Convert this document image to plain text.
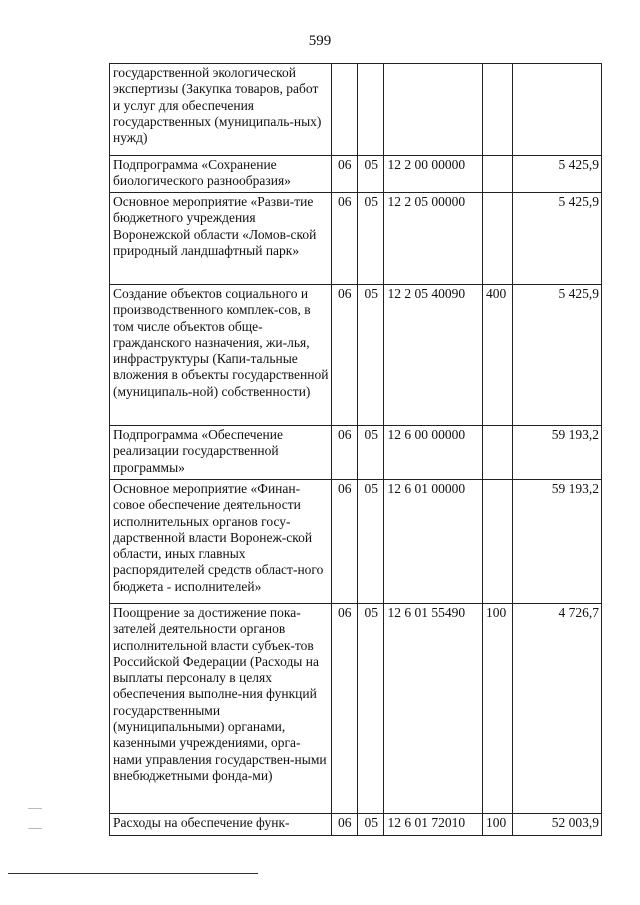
599
государственной экологической экспертизы (Закупка товаров, работ и услуг для обеспечения государственных (муниципаль-ных) нужд)					
Подпрограмма «Сохранение биологического разнообразия»	06	05	12 2 00 00000		5 425,9
Основное мероприятие «Разви-тие бюджетного учреждения Воронежской области «Ломов-ской природный ландшафтный парк»	06	05	12 2 05 00000		5 425,9
Создание объектов социального и производственного комплек-сов, в том числе объектов обще-гражданского назначения, жи-лья, инфраструктуры (Капи-тальные вложения в объекты государственной (муниципаль-ной) собственности)	06	05	12 2 05 40090	400	5 425,9
Подпрограмма «Обеспечение реализации государственной программы»	06	05	12 6 00 00000		59 193,2
Основное мероприятие «Финан-совое обеспечение деятельности исполнительных органов госу-дарственной власти Воронеж-ской области, иных главных распорядителей средств област-ного бюджета - исполнителей»	06	05	12 6 01 00000		59 193,2
Поощрение за достижение пока-зателей деятельности органов исполнительной власти субъек-тов Российской Федерации (Расходы на выплаты персоналу в целях обеспечения выполне-ния функций государственными (муниципальными) органами, казенными учреждениями, орга-нами управления государствен-ными внебюджетными фонда-ми)	06	05	12 6 01 55490	100	4 726,7
Расходы на обеспечение функ-	06	05	12 6 01 72010	100	52 003,9
